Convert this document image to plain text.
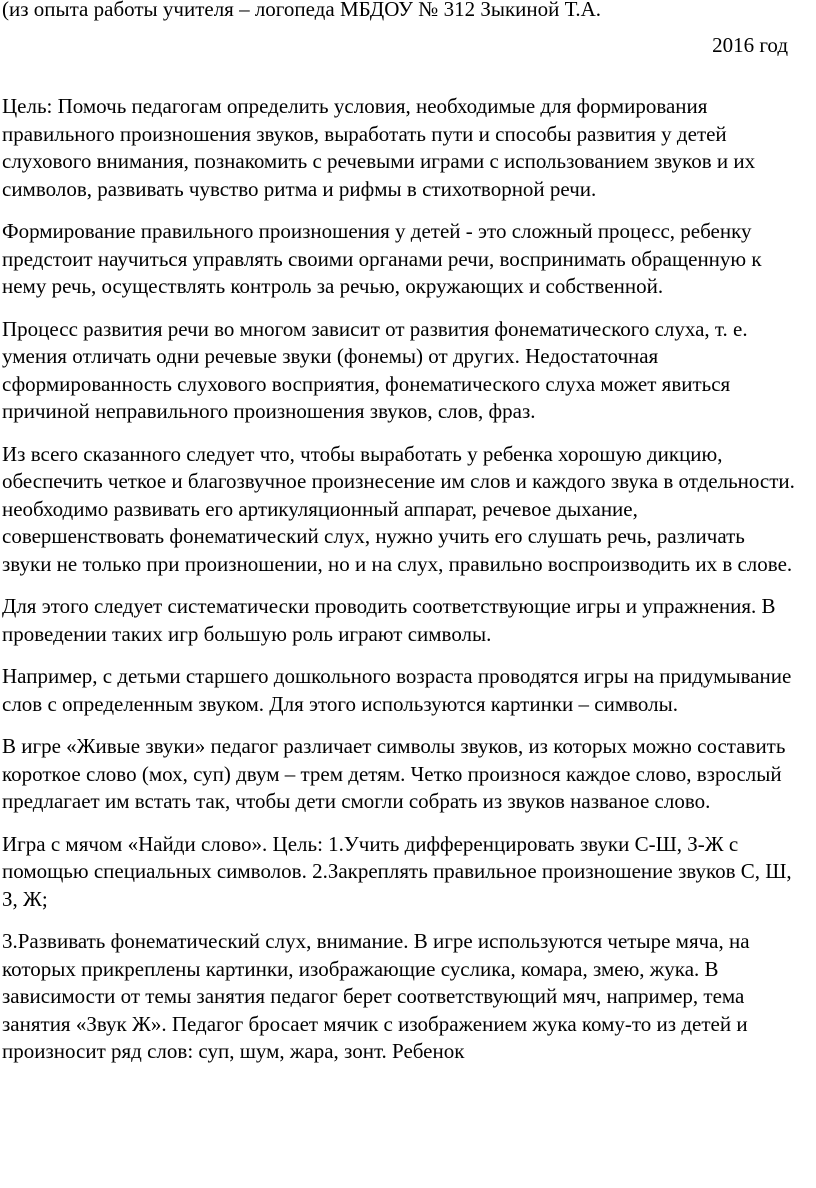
(из опыта работы учителя – логопеда МБДОУ № 312 Зыкиной Т.А.

2016 год

Цель: Помочь педагогам определить условия, необходимые для формирования правильного произношения звуков, выработать пути и способы развития у детей слухового внимания, познакомить с речевыми играми с использованием звуков и их символов, развивать чувство ритма и рифмы в стихотворной речи.

Формирование правильного произношения у детей - это сложный процесс, ребенку предстоит научиться управлять своими органами речи, воспринимать обращенную к нему речь, осуществлять контроль за речью, окружающих и собственной.

Процесс развития речи во многом зависит от развития фонематического слуха, т. е. умения отличать одни речевые звуки (фонемы) от других. Недостаточная сформированность слухового восприятия, фонематического слуха может явиться причиной неправильного произношения звуков, слов, фраз.

Из всего сказанного следует что, чтобы выработать у ребенка хорошую дикцию, обеспечить четкое и благозвучное произнесение им слов и каждого звука в отдельности. необходимо развивать его артикуляционный аппарат, речевое дыхание, совершенствовать фонематический слух, нужно учить его слушать речь, различать звуки не только при произношении, но и на слух, правильно воспроизводить их в слове.

Для этого следует систематически проводить соответствующие игры и упражнения. В проведении таких игр большую роль играют символы.

Например, с детьми старшего дошкольного возраста проводятся игры на придумывание слов с определенным звуком. Для этого используются картинки – символы.

В игре «Живые звуки» педагог различает символы звуков, из которых можно составить короткое слово (мох, суп) двум – трем детям. Четко произнося каждое слово, взрослый предлагает им встать так, чтобы дети смогли собрать из звуков названое слово.

Игра с мячом «Найди слово». Цель: 1.Учить дифференцировать звуки С-Ш, З-Ж с помощью специальных символов. 2.Закреплять правильное произношение звуков С, Ш, З, Ж;

3.Развивать фонематический слух, внимание. В игре используются четыре мяча, на которых прикреплены картинки, изображающие суслика, комара, змею, жука. В зависимости от темы занятия педагог берет соответствующий мяч, например, тема занятия «Звук Ж». Педагог бросает мячик с изображением жука кому-то из детей и произносит ряд слов: суп, шум, жара, зонт. Ребенок
